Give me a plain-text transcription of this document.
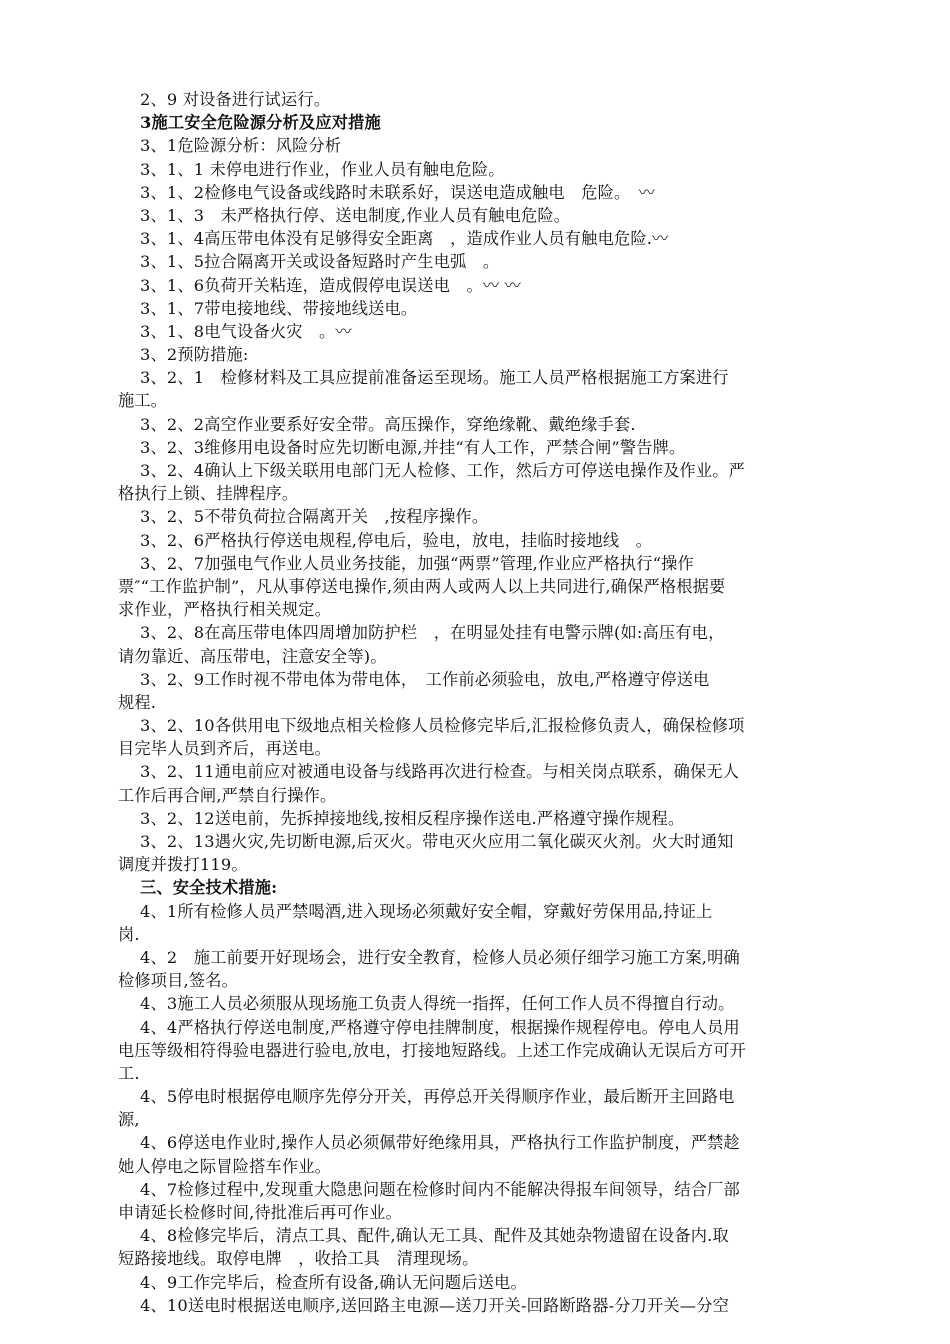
2、9 对设备进行试运行。
3施工安全危险源分析及应对措施
3、1危险源分析：风险分析
3、1、1 未停电进行作业，作业人员有触电危险。
3、1、2检修电气设备或线路时未联系好，误送电造成触电　危险。　〰
3、1、3　未严格执行停、送电制度,作业人员有触电危险。
3、1、4高压带电体没有足够得安全距离　，造成作业人员有触电危险.〰
3、1、5拉合隔离开关或设备短路时产生电弧　。
3、1、6负荷开关粘连，造成假停电误送电　。〰 〰
3、1、7带电接地线、带接地线送电。
3、1、8电气设备火灾　。〰
3、2预防措施:
3、2、1　检修材料及工具应提前准备运至现场。施工人员严格根据施工方案进行
施工。
3、2、2高空作业要系好安全带。高压操作，穿绝缘靴、戴绝缘手套.
3、2、3维修用电设备时应先切断电源,并挂“有人工作，严禁合闸”警告牌。
3、2、4确认上下级关联用电部门无人检修、工作，然后方可停送电操作及作业。严
格执行上锁、挂牌程序。
3、2、5不带负荷拉合隔离开关　,按程序操作。
3、2、6严格执行停送电规程,停电后，验电，放电，挂临时接地线　。
3、2、7加强电气作业人员业务技能，加强“两票”管理,作业应严格执行“操作
票″“工作监护制”，凡从事停送电操作,须由两人或两人以上共同进行,确保严格根据要
求作业，严格执行相关规定。
3、2、8在高压带电体四周增加防护栏　，在明显处挂有电警示牌(如:高压有电，
请勿靠近、高压带电，注意安全等)。
3、2、9工作时视不带电体为带电体，　工作前必须验电，放电,严格遵守停送电
规程.
3、2、10各供用电下级地点相关检修人员检修完毕后,汇报检修负责人，确保检修项
目完毕人员到齐后，再送电。
3、2、11通电前应对被通电设备与线路再次进行检查。与相关岗点联系，确保无人
工作后再合闸,严禁自行操作。
3、2、12送电前，先拆掉接地线,按相反程序操作送电.严格遵守操作规程。
3、2、13遇火灾,先切断电源,后灭火。带电灭火应用二氧化碳灭火剂。火大时通知
调度并拨打119。
三、安全技术措施:
4、1所有检修人员严禁喝酒,进入现场必须戴好安全帽，穿戴好劳保用品,持证上
岗.
4、2　施工前要开好现场会，进行安全教育，检修人员必须仔细学习施工方案,明确
检修项目,签名。
4、3施工人员必须服从现场施工负责人得统一指挥，任何工作人员不得擅自行动。
4、4严格执行停送电制度,严格遵守停电挂牌制度，根据操作规程停电。停电人员用
电压等级相符得验电器进行验电,放电，打接地短路线。上述工作完成确认无误后方可开
工.
4、5停电时根据停电顺序先停分开关，再停总开关得顺序作业，最后断开主回路电
源,
4、6停送电作业时,操作人员必须佩带好绝缘用具，严格执行工作监护制度，严禁趁
她人停电之际冒险搭车作业。
4、7检修过程中,发现重大隐患问题在检修时间内不能解决得报车间领导，结合厂部
申请延长检修时间,待批准后再可作业。
4、8检修完毕后，清点工具、配件,确认无工具、配件及其她杂物遗留在设备内.取
短路接地线。取停电牌　，收拾工具　清理现场。
4、9工作完毕后，检查所有设备,确认无问题后送电。
4、10送电时根据送电顺序,送回路主电源—送刀开关-回路断路器-分刀开关—分空
